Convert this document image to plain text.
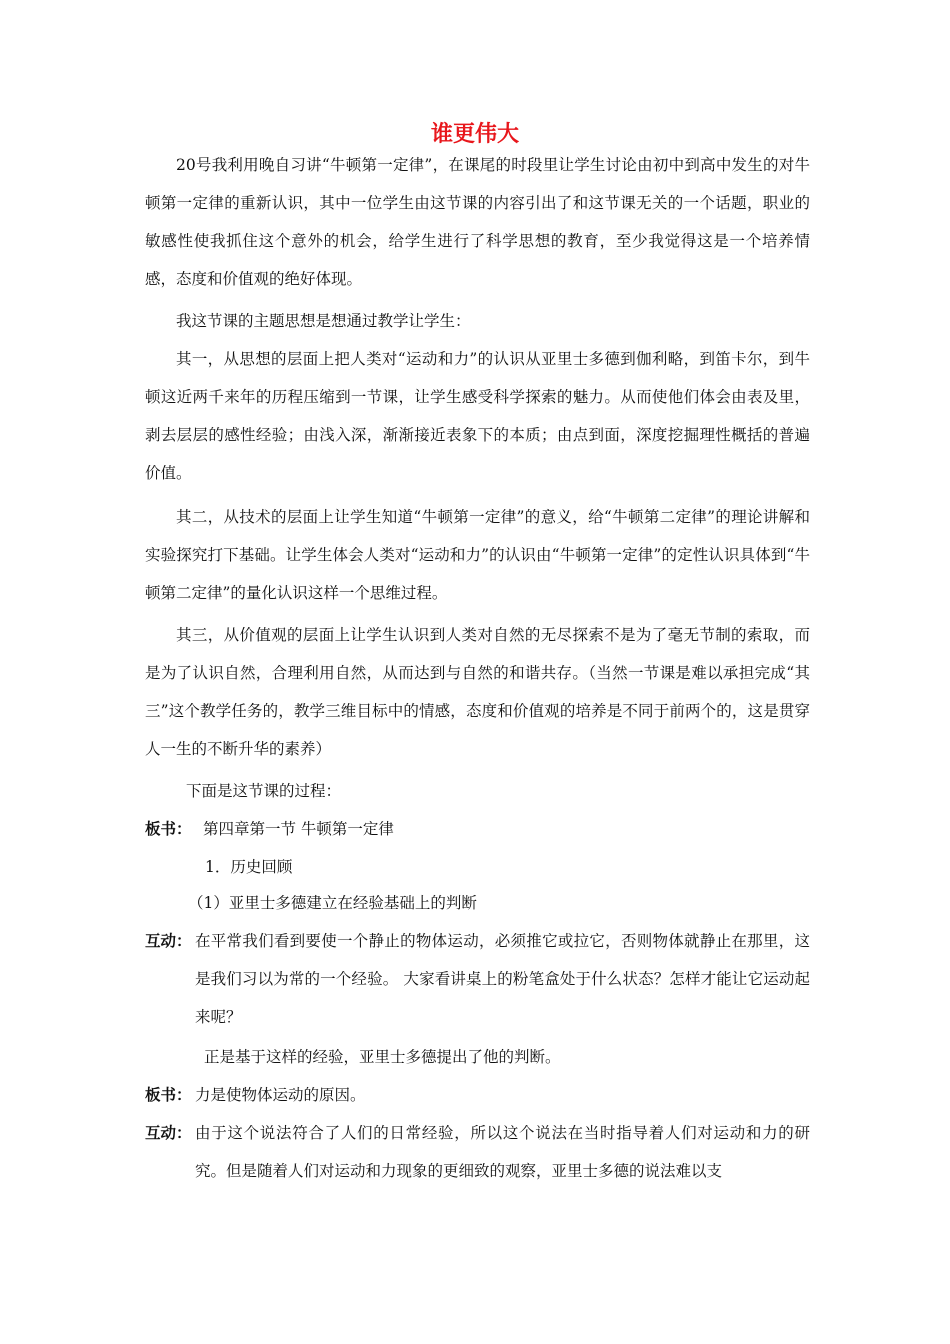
谁更伟大

20号我利用晚自习讲“牛顿第一定律”，在课尾的时段里让学生讨论由初中到高中发生的对牛顿第一定律的重新认识，其中一位学生由这节课的内容引出了和这节课无关的一个话题，职业的敏感性使我抓住这个意外的机会，给学生进行了科学思想的教育，至少我觉得这是一个培养情感，态度和价值观的绝好体现。

我这节课的主题思想是想通过教学让学生：

其一，从思想的层面上把人类对“运动和力”的认识从亚里士多德到伽利略，到笛卡尔，到牛顿这近两千来年的历程压缩到一节课，让学生感受科学探索的魅力。从而使他们体会由表及里，剥去层层的感性经验；由浅入深，渐渐接近表象下的本质；由点到面，深度挖掘理性概括的普遍价值。

其二，从技术的层面上让学生知道“牛顿第一定律”的意义，给“牛顿第二定律”的理论讲解和实验探究打下基础。让学生体会人类对“运动和力”的认识由“牛顿第一定律”的定性认识具体到“牛顿第二定律”的量化认识这样一个思维过程。

其三，从价值观的层面上让学生认识到人类对自然的无尽探索不是为了毫无节制的索取，而是为了认识自然，合理利用自然，从而达到与自然的和谐共存。（当然一节课是难以承担完成“其三”这个教学任务的，教学三维目标中的情感，态度和价值观的培养是不同于前两个的，这是贯穿人一生的不断升华的素养）

下面是这节课的过程：
板书： 第四章第一节 牛顿第一定律
1．历史回顾
（1）亚里士多德建立在经验基础上的判断
互动： 在平常我们看到要使一个静止的物体运动，必须推它或拉它，否则物体就静止在那里，这是我们习以为常的一个经验。 大家看讲桌上的粉笔盒处于什么状态？怎样才能让它运动起来呢？

正是基于这样的经验，亚里士多德提出了他的判断。
板书： 力是使物体运动的原因。
互动： 由于这个说法符合了人们的日常经验，所以这个说法在当时指导着人们对运动和力的研究。但是随着人们对运动和力现象的更细致的观察，亚里士多德的说法难以支
